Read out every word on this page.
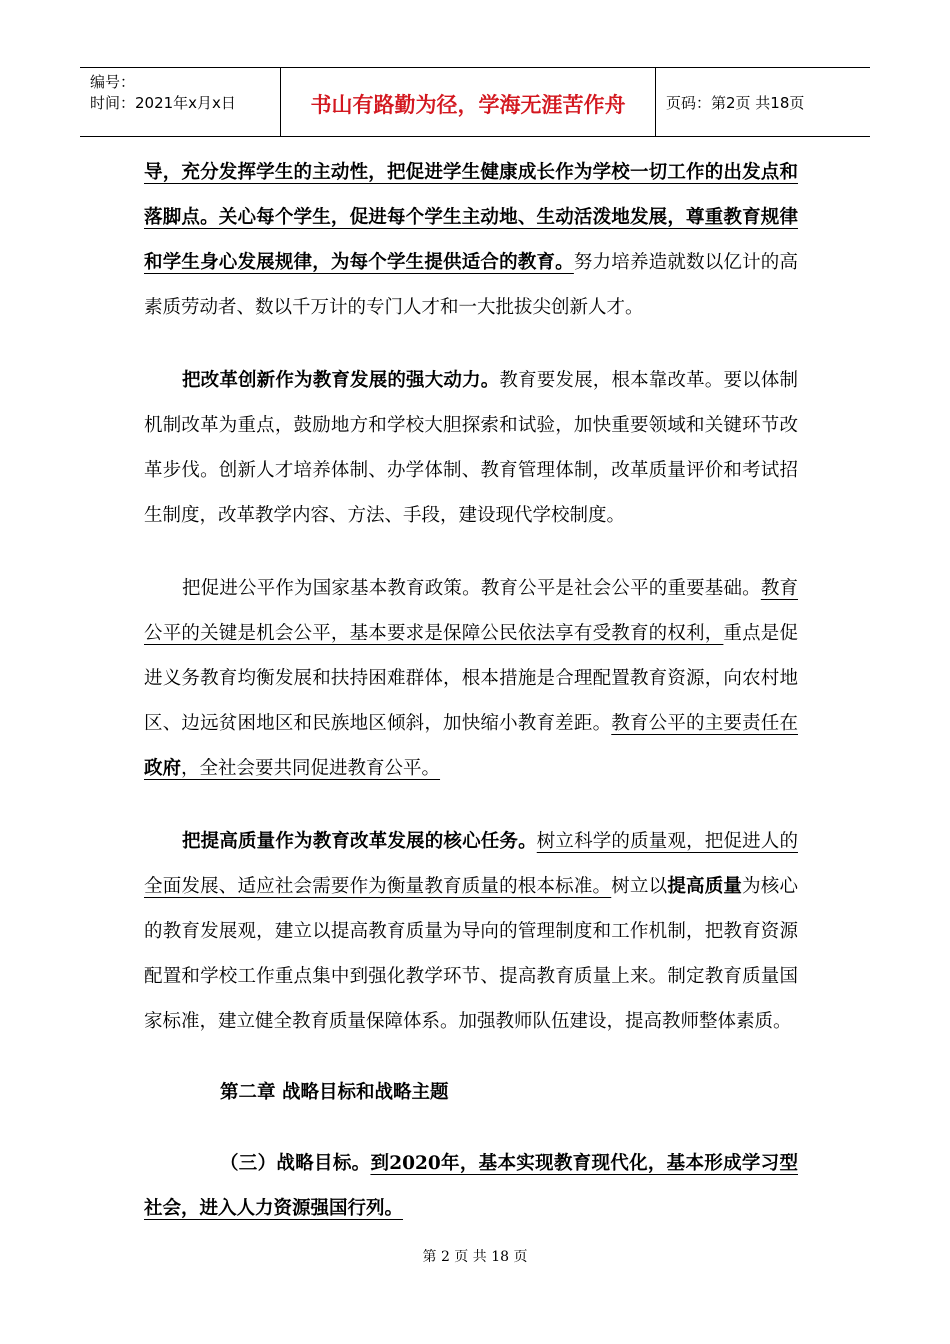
编号：
时间：2021年x月x日	书山有路勤为径，学海无涯苦作舟	页码：第2页 共18页

导，充分发挥学生的主动性，把促进学生健康成长作为学校一切工作的出发点和落脚点。关心每个学生，促进每个学生主动地、生动活泼地发展，尊重教育规律和学生身心发展规律，为每个学生提供适合的教育。努力培养造就数以亿计的高素质劳动者、数以千万计的专门人才和一大批拔尖创新人才。

把改革创新作为教育发展的强大动力。教育要发展，根本靠改革。要以体制机制改革为重点，鼓励地方和学校大胆探索和试验，加快重要领域和关键环节改革步伐。创新人才培养体制、办学体制、教育管理体制，改革质量评价和考试招生制度，改革教学内容、方法、手段，建设现代学校制度。

把促进公平作为国家基本教育政策。教育公平是社会公平的重要基础。教育公平的关键是机会公平，基本要求是保障公民依法享有受教育的权利，重点是促进义务教育均衡发展和扶持困难群体，根本措施是合理配置教育资源，向农村地区、边远贫困地区和民族地区倾斜，加快缩小教育差距。教育公平的主要责任在政府，全社会要共同促进教育公平。

把提高质量作为教育改革发展的核心任务。树立科学的质量观，把促进人的全面发展、适应社会需要作为衡量教育质量的根本标准。树立以提高质量为核心的教育发展观，建立以提高教育质量为导向的管理制度和工作机制，把教育资源配置和学校工作重点集中到强化教学环节、提高教育质量上来。制定教育质量国家标准，建立健全教育质量保障体系。加强教师队伍建设，提高教师整体素质。

第二章 战略目标和战略主题

（三）战略目标。到2020年，基本实现教育现代化，基本形成学习型社会，进入人力资源强国行列。

第 2 页 共 18 页
